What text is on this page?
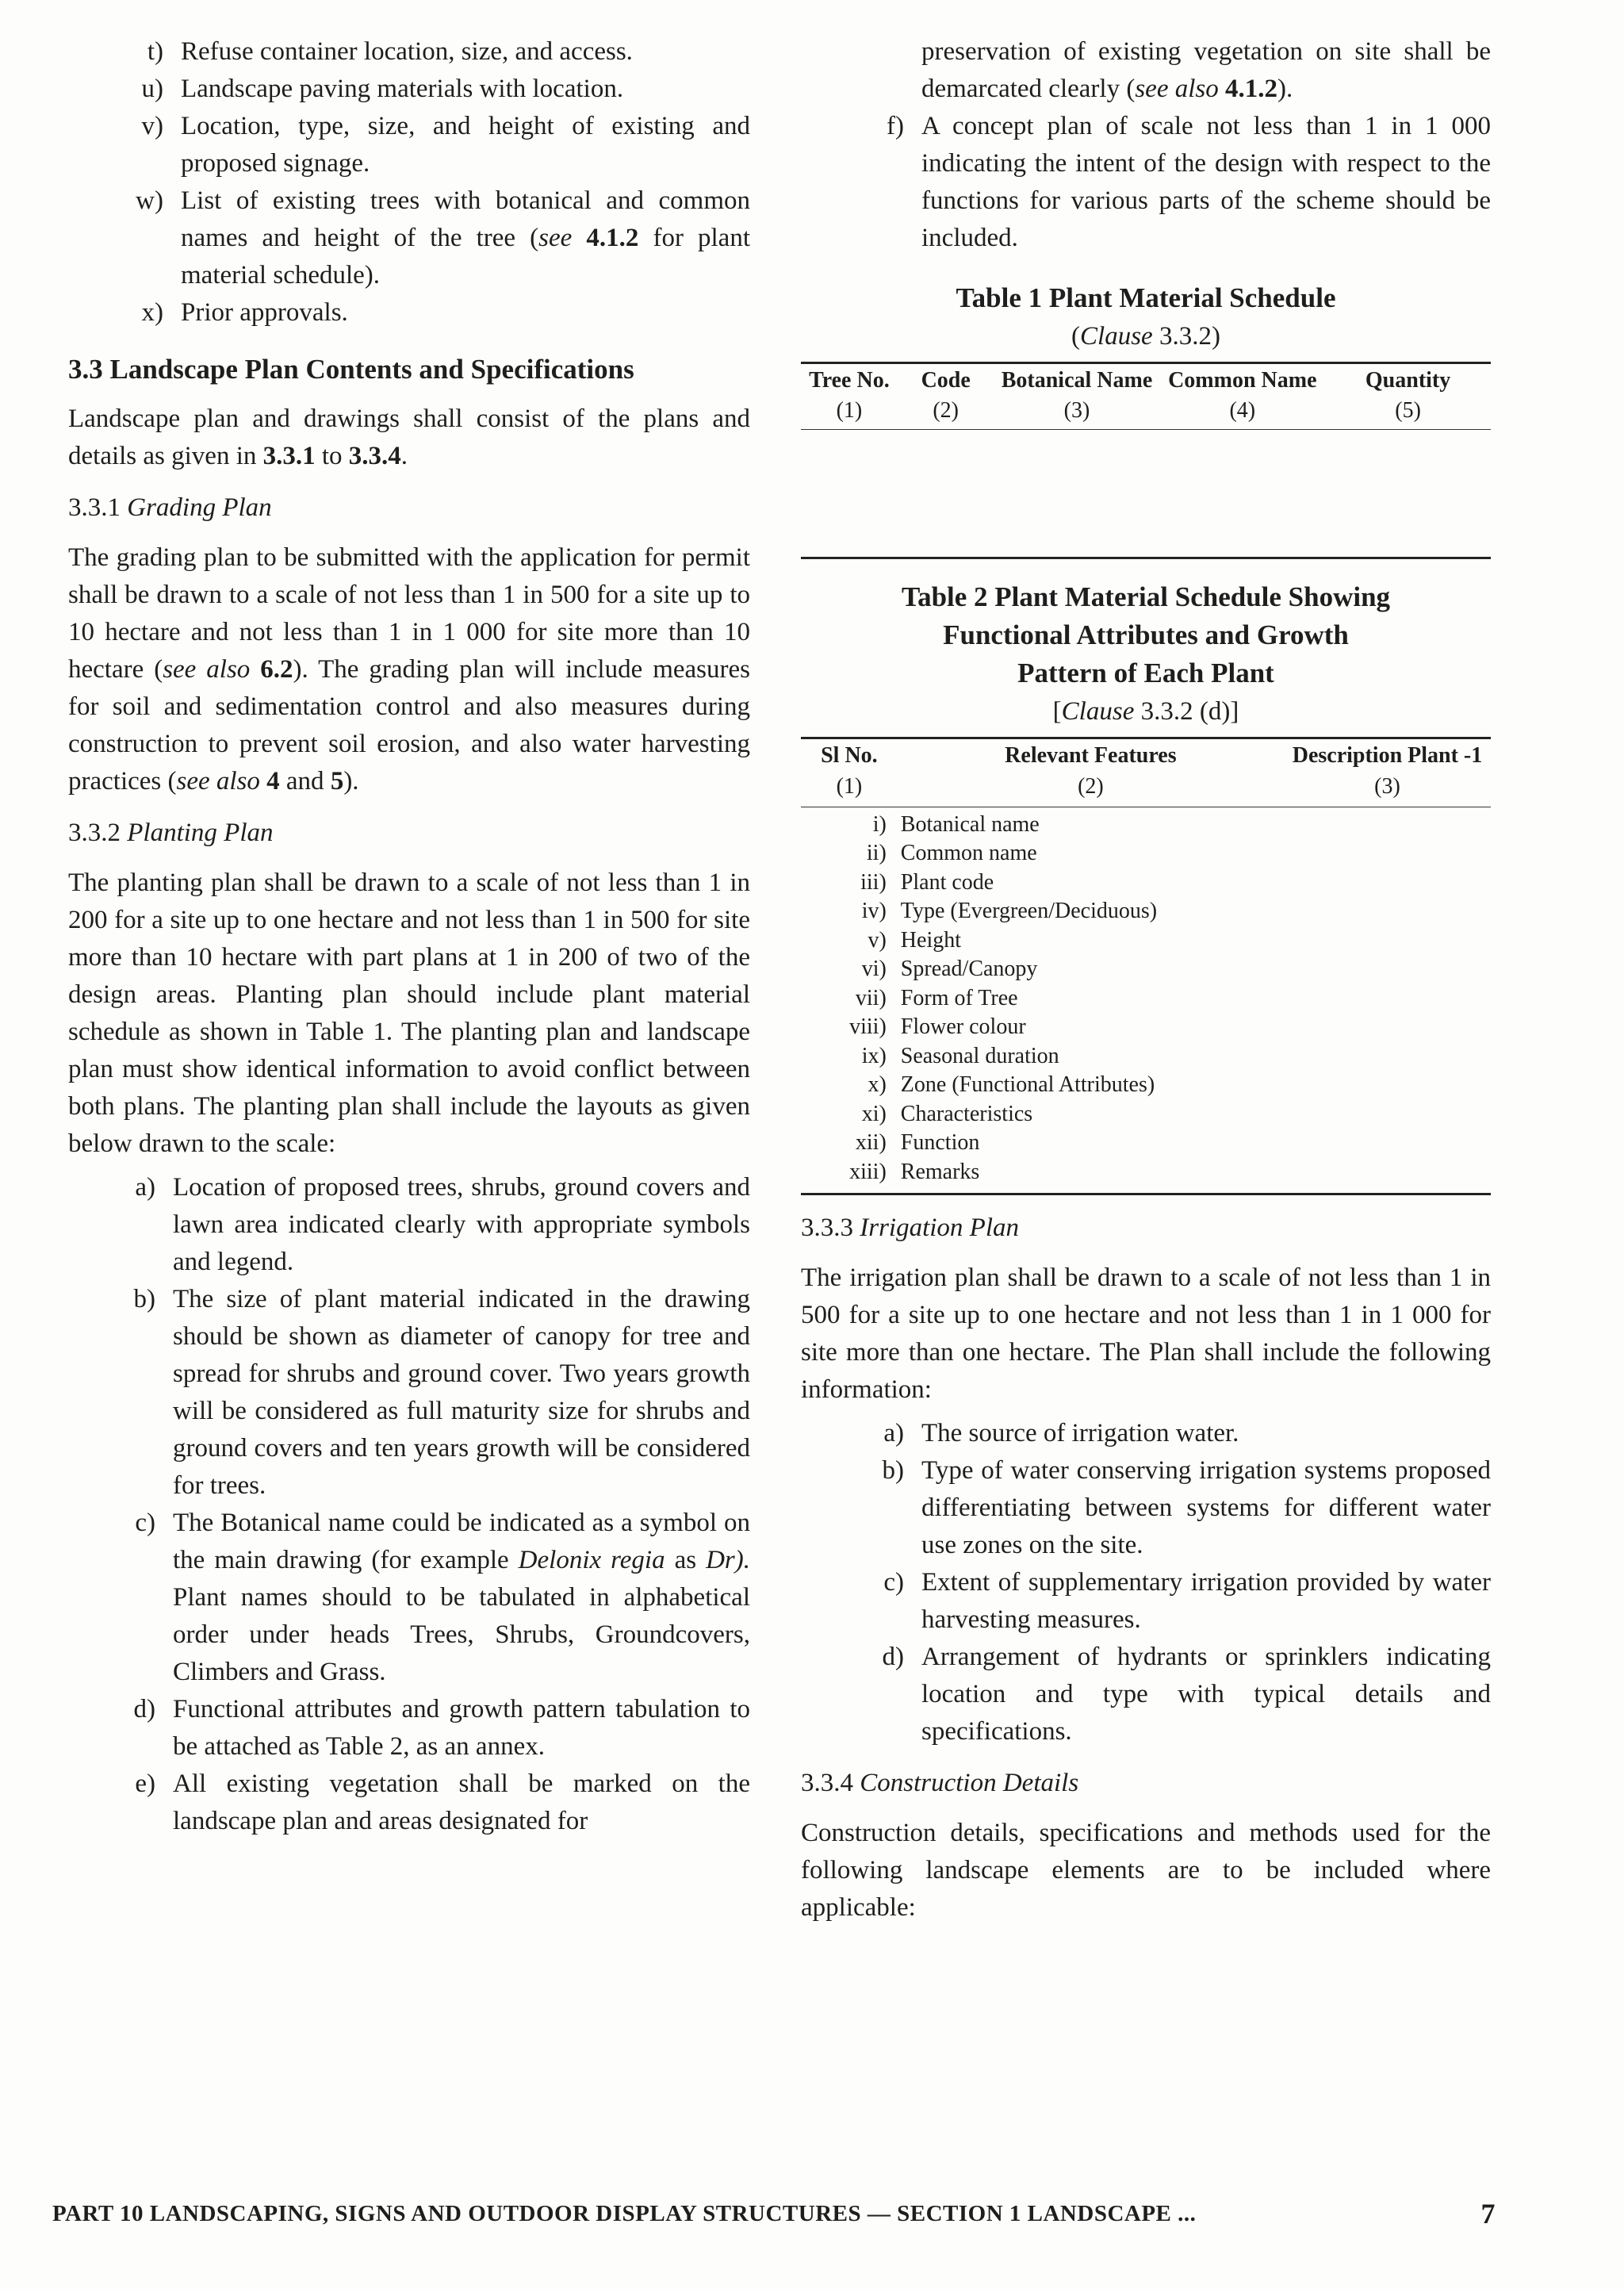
t) Refuse container location, size, and access.
u) Landscape paving materials with location.
v) Location, type, size, and height of existing and proposed signage.
w) List of existing trees with botanical and common names and height of the tree (see 4.1.2 for plant material schedule).
x) Prior approvals.
3.3 Landscape Plan Contents and Specifications

Landscape plan and drawings shall consist of the plans and details as given in 3.3.1 to 3.3.4.

3.3.1 Grading Plan

The grading plan to be submitted with the application for permit shall be drawn to a scale of not less than 1 in 500 for a site up to 10 hectare and not less than 1 in 1 000 for site more than 10 hectare (see also 6.2). The grading plan will include measures for soil and sedimentation control and also measures during construction to prevent soil erosion, and also water harvesting practices (see also 4 and 5).

3.3.2 Planting Plan

The planting plan shall be drawn to a scale of not less than 1 in 200 for a site up to one hectare and not less than 1 in 500 for site more than 10 hectare with part plans at 1 in 200 of two of the design areas. Planting plan should include plant material schedule as shown in Table 1. The planting plan and landscape plan must show identical information to avoid conflict between both plans. The planting plan shall include the layouts as given below drawn to the scale:

a) Location of proposed trees, shrubs, ground covers and lawn area indicated clearly with appropriate symbols and legend.
b) The size of plant material indicated in the drawing should be shown as diameter of canopy for tree and spread for shrubs and ground cover. Two years growth will be considered as full maturity size for shrubs and ground covers and ten years growth will be considered for trees.
c) The Botanical name could be indicated as a symbol on the main drawing (for example Delonix regia as Dr). Plant names should to be tabulated in alphabetical order under heads Trees, Shrubs, Groundcovers, Climbers and Grass.
d) Functional attributes and growth pattern tabulation to be attached as Table 2, as an annex.
e) All existing vegetation shall be marked on the landscape plan and areas designated for
preservation of existing vegetation on site shall be demarcated clearly (see also 4.1.2).
f) A concept plan of scale not less than 1 in 1 000 indicating the intent of the design with respect to the functions for various parts of the scheme should be included.
Table 1 Plant Material Schedule
(Clause 3.3.2)
Tree No.	Code	Botanical Name	Common Name	Quantity
(1)	(2)	(3)	(4)	(5)
Table 2 Plant Material Schedule Showing
Functional Attributes and Growth
Pattern of Each Plant
[Clause 3.3.2 (d)]
Sl No.	Relevant Features	Description Plant -1
(1)	(2)	(3)

i)	Botanical name	
ii)	Common name	
iii)	Plant code	
iv)	Type (Evergreen/Deciduous)	
v)	Height	
vi)	Spread/Canopy	
vii)	Form of Tree	
viii)	Flower colour	
ix)	Seasonal duration	
x)	Zone (Functional Attributes)	
xi)	Characteristics	
xii)	Function	
xiii)	Remarks	
3.3.3 Irrigation Plan

The irrigation plan shall be drawn to a scale of not less than 1 in 500 for a site up to one hectare and not less than 1 in 1 000 for site more than one hectare. The Plan shall include the following information:

a) The source of irrigation water.
b) Type of water conserving irrigation systems proposed differentiating between systems for different water use zones on the site.
c) Extent of supplementary irrigation provided by water harvesting measures.
d) Arrangement of hydrants or sprinklers indicating location and type with typical details and specifications.
3.3.4 Construction Details

Construction details, specifications and methods used for the following landscape elements are to be included where applicable:

PART 10 LANDSCAPING, SIGNS AND OUTDOOR DISPLAY STRUCTURES — SECTION 1 LANDSCAPE ...	7
